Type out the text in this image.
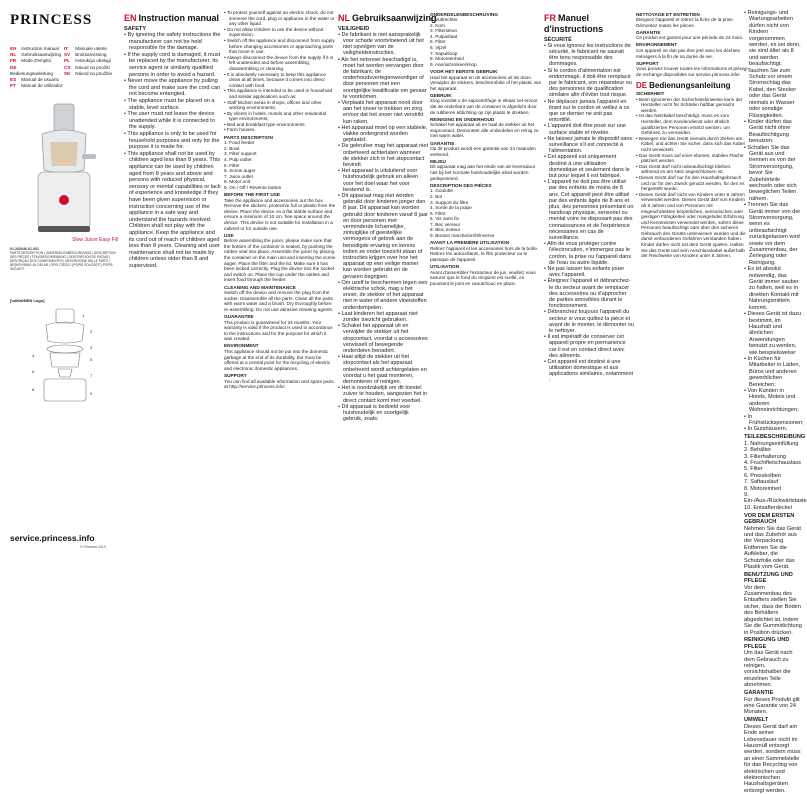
PRINCESS
EN Instruction manual
NL Gebruiksaanwijzing
FR Mode d'emploi
DE Bedienungsanleitung
ES Manual de usuario
PT Manual de utilizador
IT Manuale utente
SV Bruksanvisning
PL Instrukcja obsługi
CS Návod na použití
SK Návod na použitie
Slow Juicer Easy Fill
01.202046.01.001
PARTS DESCRIPTION | ONDERDELENBESCHRIJVING | DESCRIPTION DES PIÈCES | TEILEBESCHREIBUNG | DESCRIPCIÓN DE PIEZAS | DESCRIÇÃO DOS COMPONENTES | DESCRIZIONE DELLE PARTI | BESKRIVNING AV DELAR | OPIS CZĘŚCI | POPIS SOUČÁSTÍ | POPIS SÚČASTÍ
[\u00a0NEN Logo]
1
2
3
4
5
6
7
8
9
service.princess.info
© Princess 2019
EN Instruction manual
SAFETY

• By ignoring the safety instructions the manufacturer can not be held responsible for the damage.

• If the supply cord is damaged, it must be replaced by the manufacturer, its service agent or similarly qualified persons in order to avoid a hazard.

• Never move the appliance by pulling the cord and make sure the cord can not become entangled.

• The appliance must be placed on a stable, level surface.

• The user must not leave the device unattended while it is connected to the supply.

• This appliance is only to be used for household purposes and only for the purpose it is made for.

• This appliance shall not be used by children aged less than 8 years. This appliance can be used by children aged from 8 years and above and persons with reduced physical, sensory or mental capabilities or lack of experience and knowledge if they have been given supervision or instruction concerning use of the appliance in a safe way and understand the hazards involved. Children shall not play with the appliance. Keep the appliance and its cord out of reach of children aged less than 8 years. Cleaning and user maintenance shall not be made by children unless older than 8 and supervised.

• To protect yourself against an electric shock, do not immerse the cord, plug or appliance in the water or any other liquid.

• Do not allow children to use the device without supervision.

• Switch off the appliance and disconnect from supply before changing accessories or approaching parts that move in use.

• Always disconnect the device from the supply if it is left unattended and before assembling, disassembling or cleaning.

• It is absolutely necessary to keep this appliance clean at all times, because it comes into direct contact with food.

• This appliance is intended to be used in household and similar applications such as:

• Staff kitchen areas in shops, offices and other working environments;

• By clients in hotels, motels and other residential type environments;

• Bed and breakfast type environments.

• Farm houses.

PARTS DESCRIPTION

1. Food feeder

2. Bowl

3. Filter support

4. Pulp outlet

5. Filter

6. Screw auger

7. Juice outlet

8. Motor unit

9. On / Off / Reverse button

BEFORE THE FIRST USE

Take the appliance and accessories out the box. Remove the stickers, protective foil or plastic from the device. Place the device on a flat stable surface and ensure a minimum of 10 cm. free space around the device. This device is not suitable for installation in a cabinet or for outside use.

USE

Before assembling the juicer, please make sure that the bottom of the container is sealed, by pushing the rubber seal into place. Assemble the juicer by placing the container on the main unit and inserting the screw auger. Place the filter and the lid. Make sure it has been locked correctly. Plug the device into the socket and switch on. Place the cup under the outlets and insert food through the feeder.

CLEANING AND MAINTENANCE

Switch off the device and remove the plug from the socket. Disassemble all the parts. Clean all the parts with warm water and a brush. Dry thoroughly before re-assembling. Do not use abrasive cleaning agents.

GUARANTEE

This product is guaranteed for 24 months. Your warranty is valid if the product is used in accordance to the instructions and for the purpose for which it was created.

ENVIRONMENT

This appliance should not be put into the domestic garbage at the end of its durability, but must be offered at a central point for the recycling of electric and electronic domestic appliances.

SUPPORT

You can find all available information and spare parts at http://service.princess.info!

NL Gebruiksaanwijzing
VEILIGHEID

• De fabrikant is niet aansprakelijk voor schade voortvloeiend uit het niet opvolgen van de veiligheidsinstructies.

• Als het netsnoer beschadigd is, moet het worden vervangen door de fabrikant, de onderhoudsvertegenwoordiger of door personen met een soortgelijke kwalificatie om gevaar te voorkomen.

• Verplaats het apparaat nooit door aan het snoer te trekken en zorg ervoor dat het snoer niet verstrikt kan raken.

• Het apparaat moet op een stabiele, vlakke ondergrond worden geplaatst.

• De gebruiker mag het apparaat niet onbeheerd achterlaten wanneer de stekker zich in het stopcontact bevindt.

• Het apparaat is uitsluitend voor huishoudelijk gebruik en alleen voor het doel waar het voor bestemd is.

• Dit apparaat mag niet worden gebruikt door kinderen jonger dan 8 jaar. Dit apparaat kan worden gebruikt door kinderen vanaf 8 jaar en door personen met verminderde lichamelijke, zintuiglijke of geestelijke vermogens of gebrek aan de benodigde ervaring en kennis indien ze onder toezicht staan of instructies krijgen over hoe het apparaat op een veilige manier kan worden gebruikt en de gevaren begrijpen.

• Om uzelf te beschermen tegen een elektrische schok, mag u het snoer, de stekker of het apparaat niet in water of andere vloeistoffen onderdompelen.

• Laat kinderen het apparaat niet zonder toezicht gebruiken.

• Schakel het apparaat uit en verwijder de stekker uit het stopcontact, voordat u accessoires verwisselt of bewegende onderdelen benadert.

• Haal altijd de stekker uit het stopcontact als het apparaat onbeheerd wordt achtergelaten en voordat u het gaat monteren, demonteren of reinigen.

• Het is noodzakelijk om dit toestel zuiver te houden, aangezien het in direct contact komt met voedsel.

• Dit apparaat is bedoeld voor huishoudelijk en soortgelijk gebruik, zoals:

ONDERDELENBESCHRIJVING

1. Vultrechter

2. Kom

3. Filtersteun

4. Pulpuitlaat

5. Filter

6. Vijzel

7. Sapuitloop

8. Motoreenheid

9. Aan/uit/omkeerknop

VOOR HET EERSTE GEBRUIK

Haal het apparaat en de accessoires uit de doos. Verwijder de stickers, beschermfolie of het plastic van het apparaat.

GEBRUIK

Zorg voordat u de sapcentrifuge in elkaar zet ervoor dat de onderkant van de container is afgedicht door de rubberen afdichting op zijn plaats te drukken.

REINIGING EN ONDERHOUD

Schakel het apparaat uit en haal de stekker uit het stopcontact. Demonteer alle onderdelen en reinig ze met warm water.

GARANTIE

Op dit product wordt een garantie van 24 maanden verleend.

MILIEU

Dit apparaat mag aan het einde van de levensduur niet bij het normale huishoudelijke afval worden gedeponeerd.

DESCRIPTION DES PIÈCES

1. Goulotte

2. Bol

3. Support du filtre

4. Sortie de la pulpe

5. Filtre

6. Vis sans fin

7. Bec verseur

8. Bloc moteur

9. Bouton marche/arrêt/inverse

AVANT LA PREMIÈRE UTILISATION

Retirez l'appareil et les accessoires hors de la boîte. Retirez les autocollants, le film protecteur ou le plastique de l'appareil.

UTILISATION

Avant d'assembler l'extracteur de jus, veuillez vous assurer que le fond du récipient est scellé, en poussant le joint en caoutchouc en place.

FR Manuel d'instructions
SÉCURITÉ

• Si vous ignorez les instructions de sécurité, le fabricant ne saurait être tenu responsable des dommages.

• Si le cordon d'alimentation est endommagé, il doit être remplacé par le fabricant, son réparateur ou des personnes de qualification similaire afin d'éviter tout risque.

• Ne déplacez jamais l'appareil en tirant sur le cordon et veillez à ce que ce dernier ne soit pas entortillé.

• L'appareil doit être posé sur une surface stable et nivelée.

• Ne laissez jamais le dispositif sans surveillance s'il est connecté à l'alimentation.

• Cet appareil est uniquement destiné à une utilisation domestique et seulement dans le but pour lequel il est fabriqué.

• L'appareil ne doit pas être utilisé par des enfants de moins de 8 ans. Cet appareil peut être utilisé par des enfants âgés de 8 ans et plus, des personnes présentant un handicap physique, sensoriel ou mental voire ne disposant pas des connaissances et de l'expérience nécessaires en cas de surveillance.

• Afin de vous protéger contre l'électrocution, n'immergez pas le cordon, la prise ou l'appareil dans de l'eau ou autre liquide.

• Ne pas laisser les enfants jouer avec l'appareil.

• Éteignez l'appareil et débranchez-le du secteur avant de remplacer des accessoires ou d'approcher de parties amovibles durant le fonctionnement.

• Débranchez toujours l'appareil du secteur si vous quittez la pièce et avant de le monter, le démonter ou le nettoyer.

• Il est impératif de conserver cet appareil propre en permanence car il est en contact direct avec des aliments.

• Cet appareil est destiné à une utilisation domestique et aux applications similaires, notamment :

NETTOYAGE ET ENTRETIEN

Éteignez l'appareil et retirez la fiche de la prise. Démontez toutes les pièces.

GARANTIE

Ce produit est garanti pour une période de 24 mois.

ENVIRONNEMENT

Cet appareil ne doit pas être jeté avec les déchets ménagers à la fin de sa durée de vie.

SUPPORT

Vous pouvez trouver toutes les informations et pièces de rechange disponibles sur service.princess.info!

DE Bedienungsanleitung
SICHERHEIT

• Beim Ignorieren der Sicherheitshinweise kann der Hersteller nicht für Schäden haftbar gemacht werden.

• Ist das Netzkabel beschädigt, muss es vom Hersteller, dem Kundendienst oder ähnlich qualifizierten Personen ersetzt werden, um Gefahren zu vermeiden.

• Bewegen Sie das Gerät niemals durch Ziehen am Kabel, und achten Sie sicher, dass sich das Kabel nicht verwickelt.

• Das Gerät muss auf einer ebenen, stabilen Fläche platziert werden.

• Das Gerät darf nicht unbeaufsichtigt bleiben, während es am Netz angeschlossen ist.

• Dieses Gerät darf nur für den Haushaltsgebrauch und nur für den Zweck genutzt werden, für den es hergestellt wurde.

• Dieses Gerät darf nicht von Kindern unter 8 Jahren verwendet werden. Dieses Gerät darf von Kindern ab 8 Jahren und von Personen mit eingeschränkten körperlichen, sensorischen oder geistigen Fähigkeiten oder mangelnder Erfahrung und Kenntnissen verwendet werden, sofern diese Personen beaufsichtigt oder über den sicheren Gebrauch des Geräts unterwiesen wurden und die damit verbundenen Gefahren verstanden haben. Kinder dürfen nicht mit dem Gerät spielen. Halten Sie das Gerät und sein Anschlusskabel außerhalb der Reichweite von Kindern unter 8 Jahren.

• Reinigungs- und Wartungsarbeiten dürfen nicht von Kindern vorgenommen werden, es sei denn, sie sind älter als 8 und werden beaufsichtigt.

• Tauchen Sie zum Schutz vor einem Stromschlag das Kabel, den Stecker oder das Gerät niemals in Wasser oder sonstige Flüssigkeiten.

• Kinder dürfen das Gerät nicht ohne Beaufsichtigung benutzen.

• Schalten Sie das Gerät aus und trennen es von der Stromversorgung, bevor Sie Zubehörteile wechseln oder sich beweglichen Teilen nähern.

• Trennen Sie das Gerät immer von der Stromversorgung, wenn es unbeaufsichtigt zurückgelassen wird sowie vor dem Zusammenbau, der Zerlegung oder Reinigung.

• Es ist absolut notwendig, das Gerät immer sauber zu halten, weil es in direkten Kontakt mit Nahrungsmitteln kommt.

• Dieses Gerät ist dazu bestimmt, im Haushalt und ähnlichen Anwendungen benutzt zu werden, wie beispielsweise:

• In Küchen für Mitarbeiter in Läden, Büros und anderen gewerblichen Bereichen;

• Von Kunden in Hotels, Motels und anderen Wohneinrichtungen;

• In Frühstückspensionen;

• In Gutshäusern.

TEILEBESCHREIBUNG

1. Nahrungseinfüllung

2. Behälter

3. Filterhalterung

4. Fruchtfleischauslass

5. Filter

6. Presskolben

7. Saftauslauf

8. Motoreinheit

9. Ein-/Aus-/Rückwärtstaste

10. Entsafterdeckel

VOR DEM ERSTEN GEBRAUCH

Nehmen Sie das Gerät und das Zubehör aus der Verpackung. Entfernen Sie die Aufkleber, die Schutzfolie oder das Plastik vom Gerät.

BENUTZUNG UND PFLEGE

Vor dem Zusammenbau des Entsafters stellen Sie sicher, dass der Boden des Behälters abgedichtet ist, indem Sie die Gummidichtung in Position drücken.

REINIGUNG UND PFLEGE

Um das Gerät nach dem Gebrauch zu reinigen, vorsichtshalber die einzelnen Teile abnehmen.

GARANTIE

Für dieses Produkt gilt eine Garantie von 24 Monaten.

UMWELT

Dieses Gerät darf am Ende seiner Lebensdauer nicht im Hausmüll entsorgt werden, sondern muss an einer Sammelstelle für das Recycling von elektrischen und elektronischen Haushaltsgeräten entsorgt werden.
